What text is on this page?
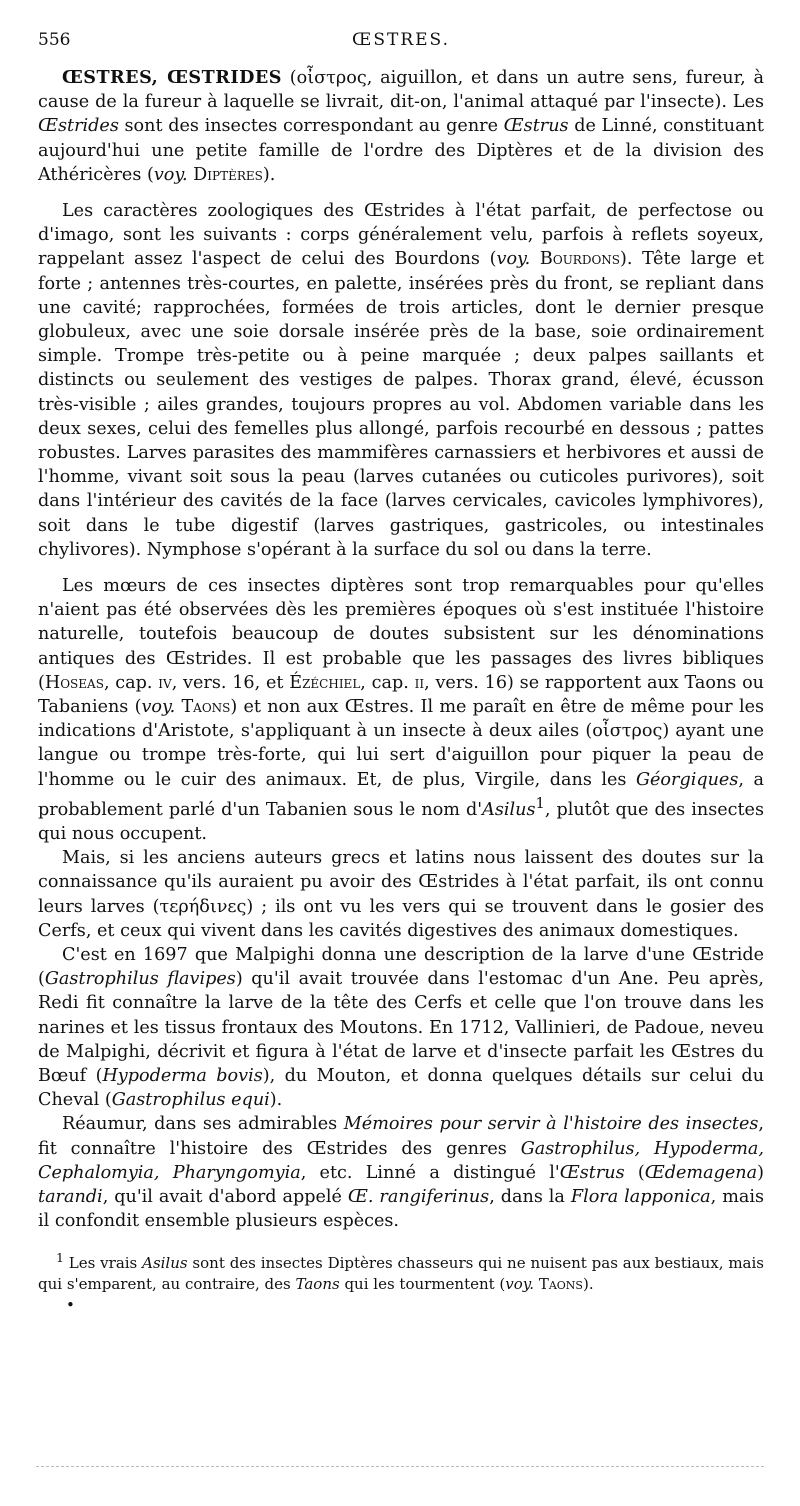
556	ŒSTRES.

ŒSTRES, ŒSTRIDES (οἶστρος, aiguillon, et dans un autre sens, fureur, à cause de la fureur à laquelle se livrait, dit-on, l'animal attaqué par l'insecte). Les Œstrides sont des insectes correspondant au genre Œstrus de Linné, constituant aujourd'hui une petite famille de l'ordre des Diptères et de la division des Athéricères (voy. Diptères).

Les caractères zoologiques des Œstrides à l'état parfait, de perfectose ou d'imago, sont les suivants : corps généralement velu, parfois à reflets soyeux, rappelant assez l'aspect de celui des Bourdons (voy. Bourdons). Tête large et forte ; antennes très-courtes, en palette, insérées près du front, se repliant dans une cavité; rapprochées, formées de trois articles, dont le dernier presque globuleux, avec une soie dorsale insérée près de la base, soie ordinairement simple. Trompe très-petite ou à peine marquée ; deux palpes saillants et distincts ou seulement des vestiges de palpes. Thorax grand, élevé, écusson très-visible ; ailes grandes, toujours propres au vol. Abdomen variable dans les deux sexes, celui des femelles plus allongé, parfois recourbé en dessous ; pattes robustes. Larves parasites des mammifères carnassiers et herbivores et aussi de l'homme, vivant soit sous la peau (larves cutanées ou cuticoles purivores), soit dans l'intérieur des cavités de la face (larves cervicales, cavicoles lymphivores), soit dans le tube digestif (larves gastriques, gastricoles, ou intestinales chylivores). Nymphose s'opérant à la surface du sol ou dans la terre.

Les mœurs de ces insectes diptères sont trop remarquables pour qu'elles n'aient pas été observées dès les premières époques où s'est instituée l'histoire naturelle, toutefois beaucoup de doutes subsistent sur les dénominations antiques des Œstrides. Il est probable que les passages des livres bibliques (Hoseas, cap. iv, vers. 16, et Ézéchiel, cap. ii, vers. 16) se rapportent aux Taons ou Tabaniens (voy. Taons) et non aux Œstres. Il me paraît en être de même pour les indications d'Aristote, s'appliquant à un insecte à deux ailes (οἶστρος) ayant une langue ou trompe très-forte, qui lui sert d'aiguillon pour piquer la peau de l'homme ou le cuir des animaux. Et, de plus, Virgile, dans les Géorgiques, a probablement parlé d'un Tabanien sous le nom d'Asilus$^1$, plutôt que des insectes qui nous occupent.

Mais, si les anciens auteurs grecs et latins nous laissent des doutes sur la connaissance qu'ils auraient pu avoir des Œstrides à l'état parfait, ils ont connu leurs larves (τερήδινες) ; ils ont vu les vers qui se trouvent dans le gosier des Cerfs, et ceux qui vivent dans les cavités digestives des animaux domestiques.

C'est en 1697 que Malpighi donna une description de la larve d'une Œstride (Gastrophilus flavipes) qu'il avait trouvée dans l'estomac d'un Ane. Peu après, Redi fit connaître la larve de la tête des Cerfs et celle que l'on trouve dans les narines et les tissus frontaux des Moutons. En 1712, Vallinieri, de Padoue, neveu de Malpighi, décrivit et figura à l'état de larve et d'insecte parfait les Œstres du Bœuf (Hypoderma bovis), du Mouton, et donna quelques détails sur celui du Cheval (Gastrophilus equi).

Réaumur, dans ses admirables Mémoires pour servir à l'histoire des insectes, fit connaître l'histoire des Œstrides des genres Gastrophilus, Hypoderma, Cephalomyia, Pharyngomyia, etc. Linné a distingué l'Œstrus (Œdemagena) tarandi, qu'il avait d'abord appelé Œ. rangiferinus, dans la Flora lapponica, mais il confondit ensemble plusieurs espèces.

$^1$ Les vrais Asilus sont des insectes Diptères chasseurs qui ne nuisent pas aux bestiaux, mais qui s'emparent, au contraire, des Taons qui les tourmentent (voy. Taons).

•
